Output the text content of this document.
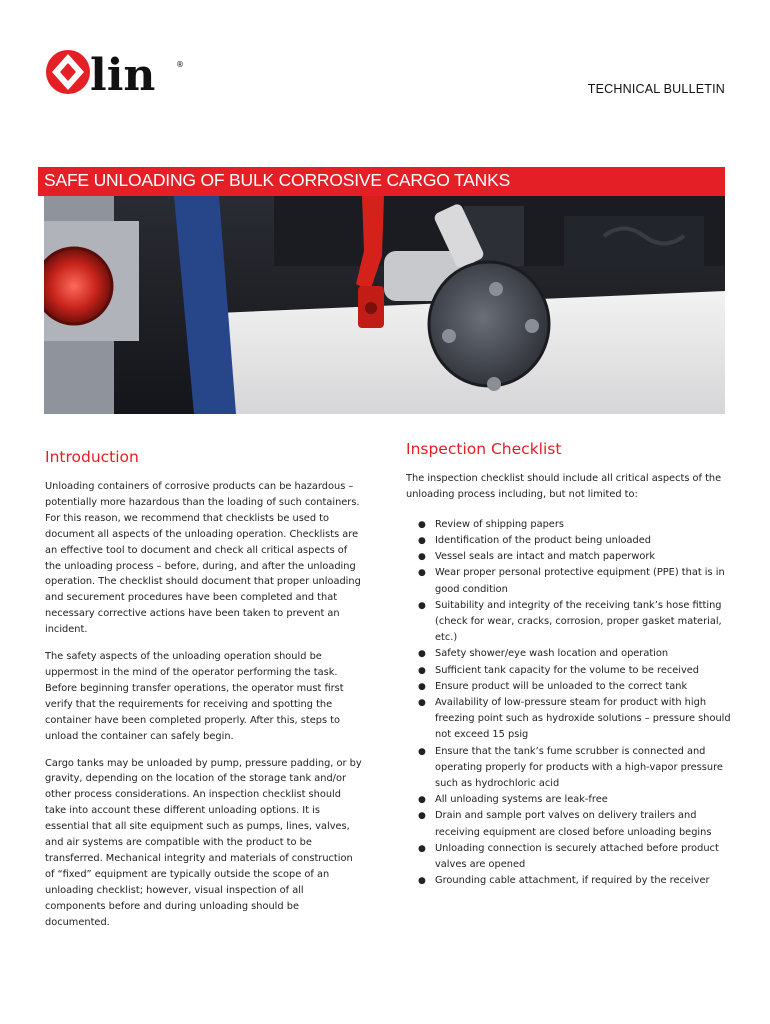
lin	®
TECHNICAL BULLETIN
SAFE UNLOADING OF BULK CORROSIVE CARGO TANKS
Introduction

Unloading containers of corrosive products can be hazardous – potentially more hazardous than the loading of such containers. For this reason, we recommend that checklists be used to document all aspects of the unloading operation. Checklists are an effective tool to document and check all critical aspects of the unloading process – before, during, and after the unloading operation. The checklist should document that proper unloading and securement procedures have been completed and that necessary corrective actions have been taken to prevent an incident.

The safety aspects of the unloading operation should be uppermost in the mind of the operator performing the task. Before beginning transfer operations, the operator must first verify that the requirements for receiving and spotting the container have been completed properly. After this, steps to unload the container can safely begin.

Cargo tanks may be unloaded by pump, pressure padding, or by gravity, depending on the location of the storage tank and/or other process considerations. An inspection checklist should take into account these different unloading options. It is essential that all site equipment such as pumps, lines, valves, and air systems are compatible with the product to be transferred. Mechanical integrity and materials of construction of “fixed” equipment are typically outside the scope of an unloading checklist; however, visual inspection of all components before and during unloading should be documented.

Inspection Checklist

The inspection checklist should include all critical aspects of the unloading process including, but not limited to:

● Review of shipping papers
● Identification of the product being unloaded
● Vessel seals are intact and match paperwork
● Wear proper personal protective equipment (PPE) that is in good condition
● Suitability and integrity of the receiving tank’s hose fitting (check for wear, cracks, corrosion, proper gasket material, etc.)
● Safety shower/eye wash location and operation
● Sufficient tank capacity for the volume to be received
● Ensure product will be unloaded to the correct tank
● Availability of low-pressure steam for product with high freezing point such as hydroxide solutions – pressure should not exceed 15 psig
● Ensure that the tank’s fume scrubber is connected and operating properly for products with a high-vapor pressure such as hydrochloric acid
● All unloading systems are leak-free
● Drain and sample port valves on delivery trailers and receiving equipment are closed before unloading begins
● Unloading connection is securely attached before product valves are opened
● Grounding cable attachment, if required by the receiver
